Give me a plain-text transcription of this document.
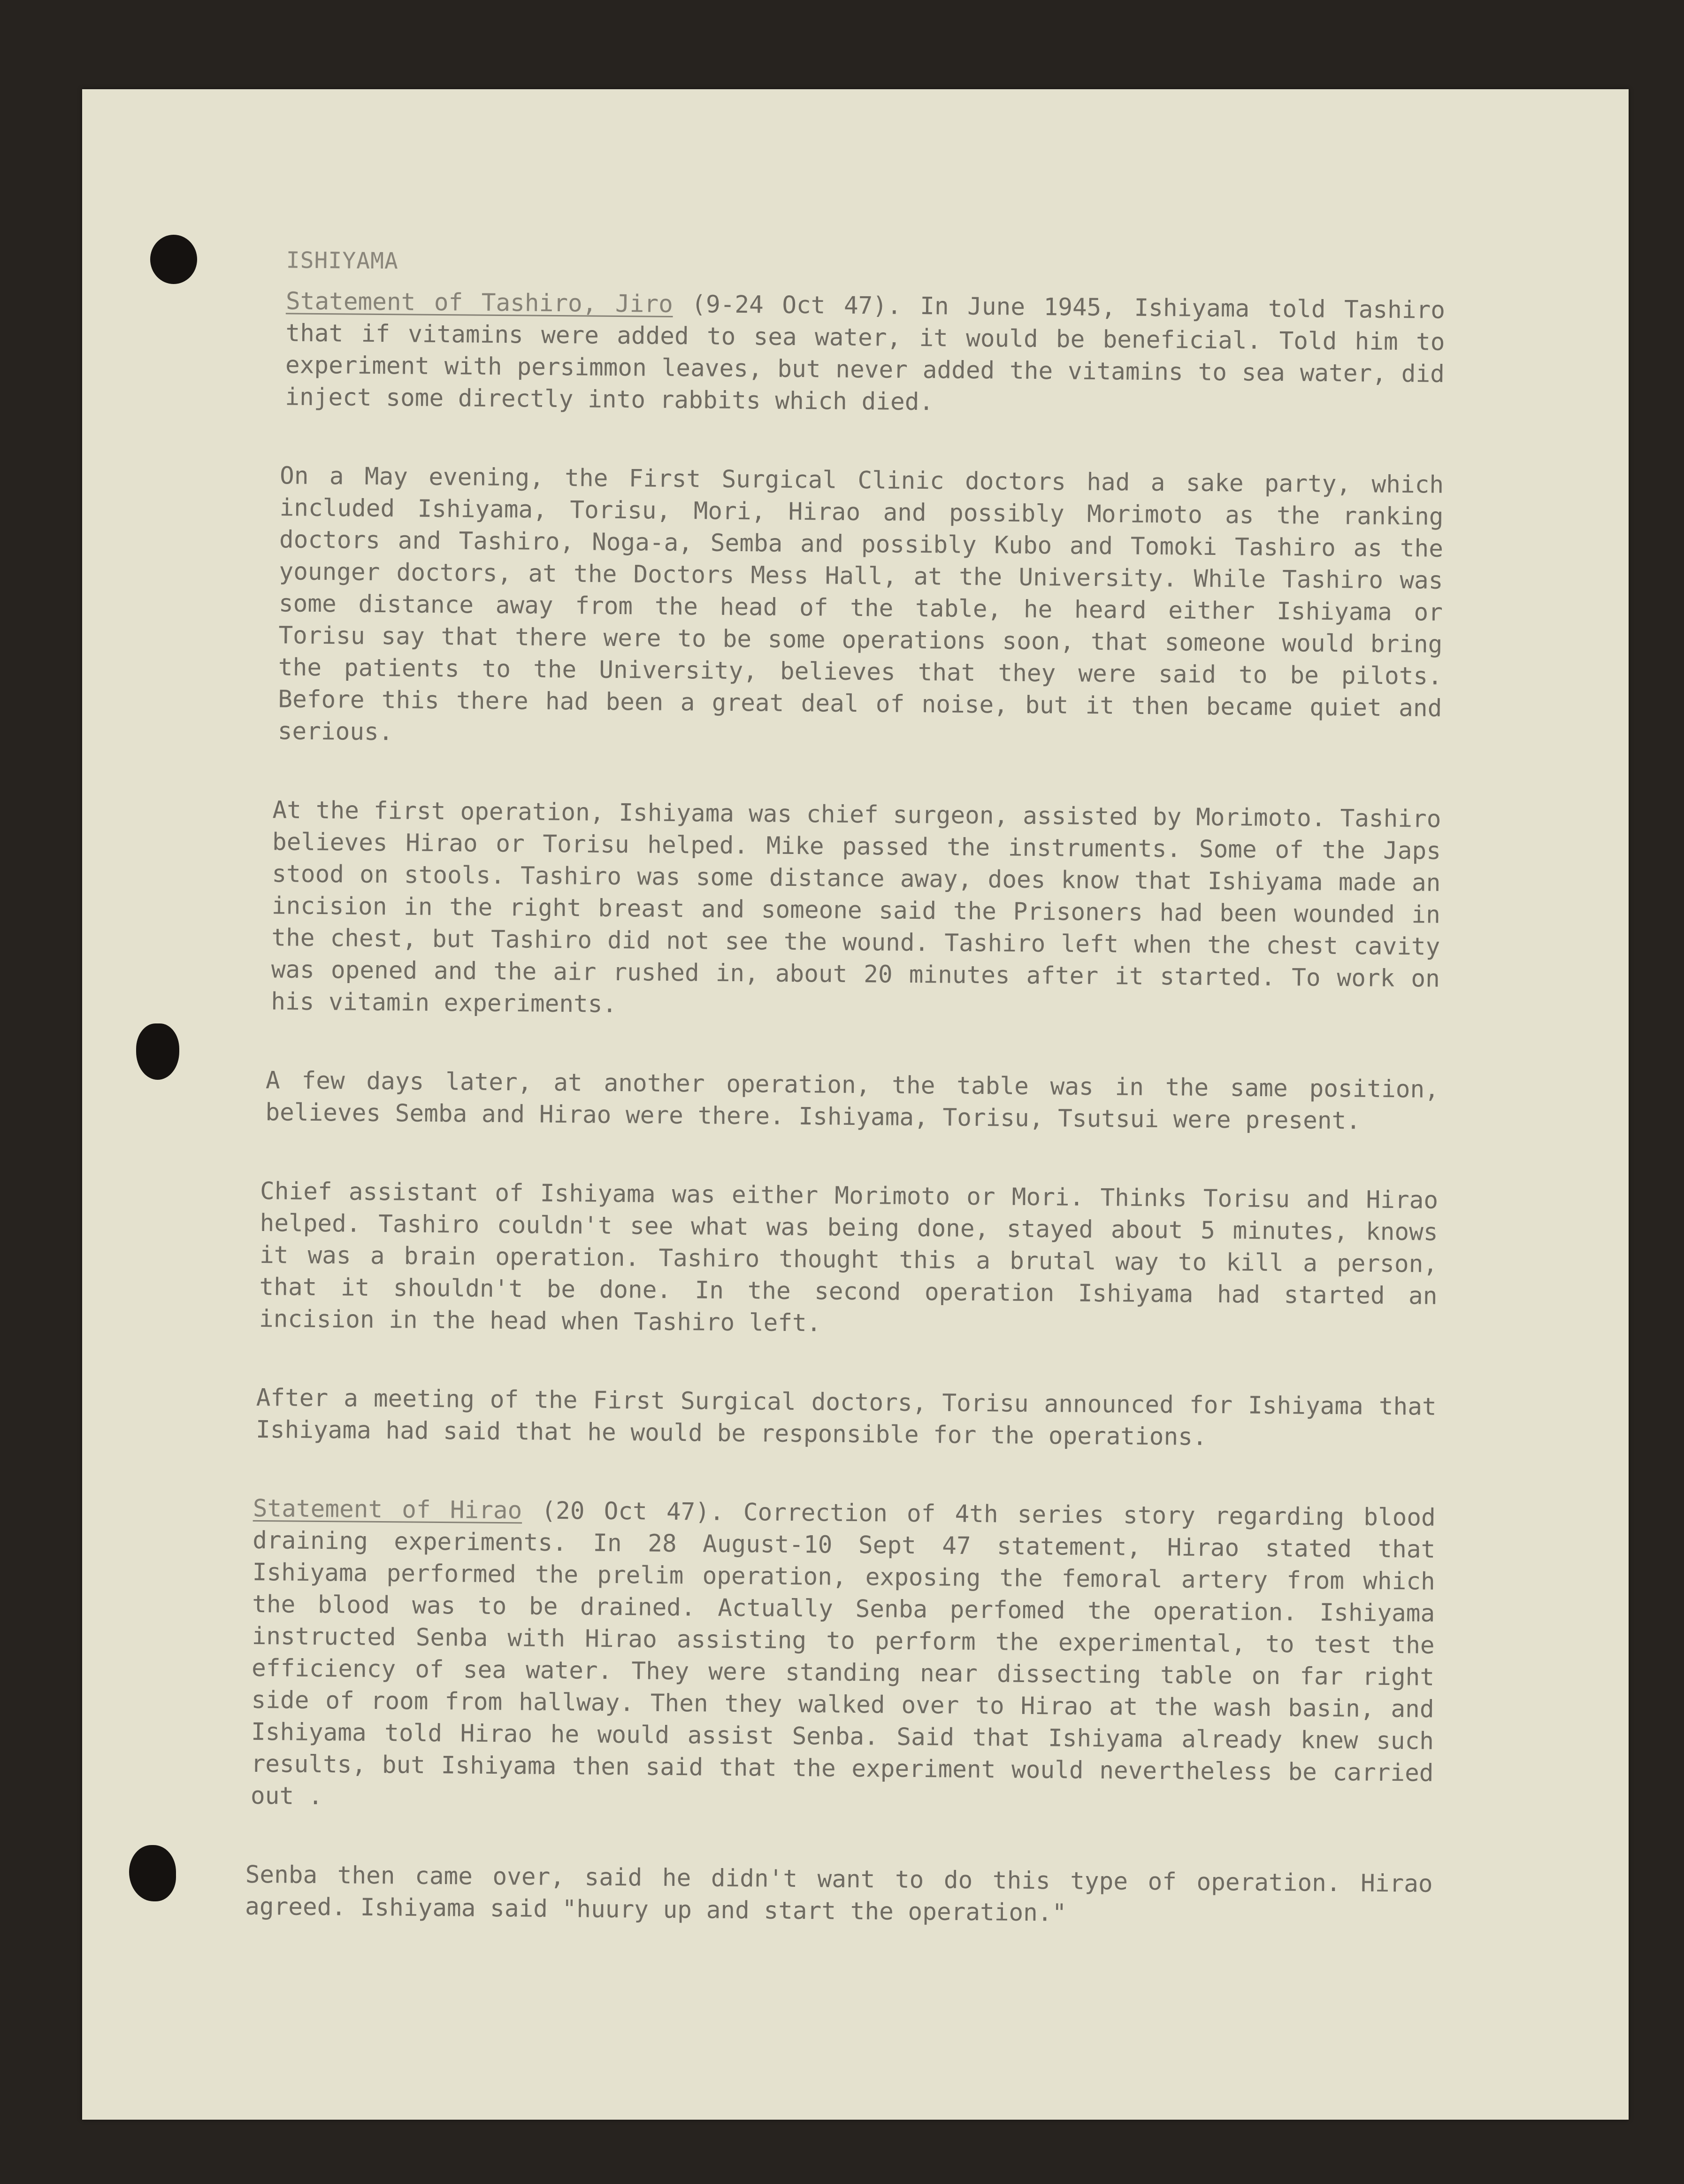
ISHIYAMA
Statement of Tashiro, Jiro (9-24 Oct 47). In June 1945, Ishiyama told Tashiro that if vitamins were added to sea water, it would be beneficial. Told him to experiment with persimmon leaves, but never added the vitamins to sea water, did inject some directly into rabbits which died.
On a May evening, the First Surgical Clinic doctors had a sake party, which included Ishiyama, Torisu, Mori, Hirao and possibly Morimoto as the ranking doctors and Tashiro, Noga-a, Semba and possibly Kubo and Tomoki Tashiro as the younger doctors, at the Doctors Mess Hall, at the University. While Tashiro was some distance away from the head of the table, he heard either Ishiyama or Torisu say that there were to be some operations soon, that someone would bring the patients to the University, believes that they were said to be pilots. Before this there had been a great deal of noise, but it then became quiet and serious.
At the first operation, Ishiyama was chief surgeon, assisted by Morimoto. Tashiro believes Hirao or Torisu helped. Mike passed the instruments. Some of the Japs stood on stools. Tashiro was some distance away, does know that Ishiyama made an incision in the right breast and someone said the Prisoners had been wounded in the chest, but Tashiro did not see the wound. Tashiro left when the chest cavity was opened and the air rushed in, about 20 minutes after it started. To work on his vitamin experiments.
A few days later, at another operation, the table was in the same position, believes Semba and Hirao were there. Ishiyama, Torisu, Tsutsui were present.
Chief assistant of Ishiyama was either Morimoto or Mori. Thinks Torisu and Hirao helped. Tashiro couldn't see what was being done, stayed about 5 minutes, knows it was a brain operation. Tashiro thought this a brutal way to kill a person, that it shouldn't be done. In the second operation Ishiyama had started an incision in the head when Tashiro left.
After a meeting of the First Surgical doctors, Torisu announced for Ishiyama that Ishiyama had said that he would be responsible for the operations.
Statement of Hirao (20 Oct 47). Correction of 4th series story regarding blood draining experiments. In 28 August-10 Sept 47 statement, Hirao stated that Ishiyama performed the prelim operation, exposing the femoral artery from which the blood was to be drained. Actually Senba perfomed the operation. Ishiyama instructed Senba with Hirao assisting to perform the experimental, to test the efficiency of sea water. They were standing near dissecting table on far right side of room from hallway. Then they walked over to Hirao at the wash basin, and Ishiyama told Hirao he would assist Senba. Said that Ishiyama already knew such results, but Ishiyama then said that the experiment would nevertheless be carried out .
Senba then came over, said he didn't want to do this type of operation. Hirao agreed. Ishiyama said "huury up and start the operation."
